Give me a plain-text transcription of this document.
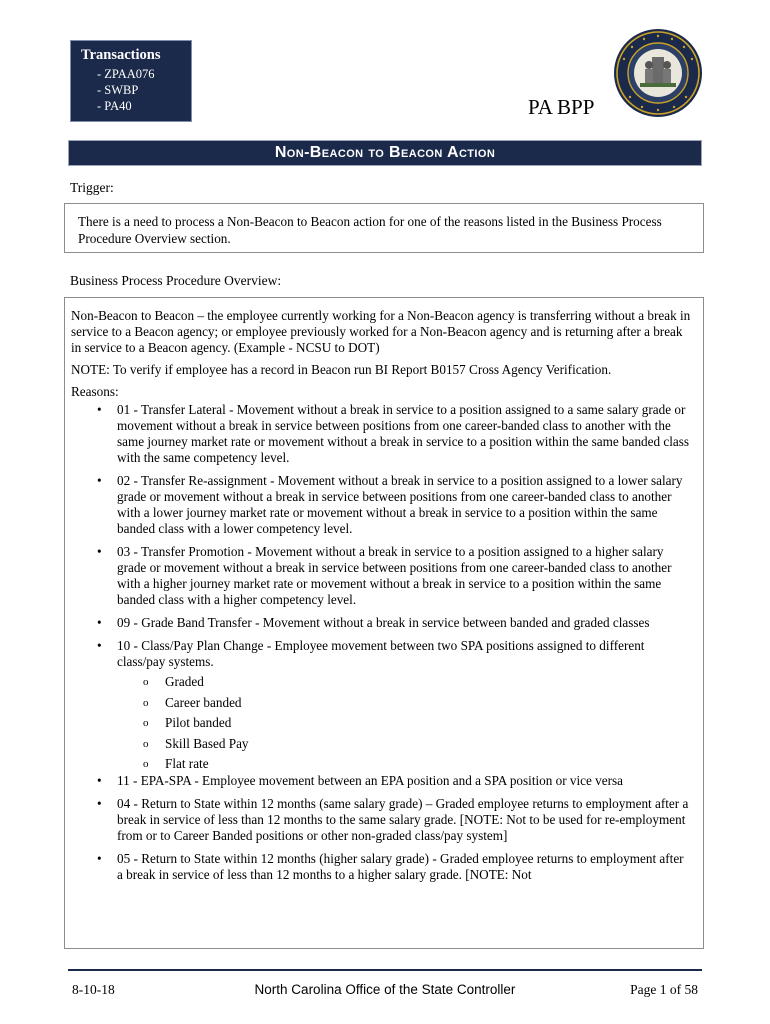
Transactions
- ZPAA076
- SWBP
- PA40	PA BPP
Non-Beacon to Beacon Action
Trigger:

There is a need to process a Non-Beacon to Beacon action for one of the reasons listed in the Business Process Procedure Overview section.

Business Process Procedure Overview:

Non-Beacon to Beacon – the employee currently working for a Non-Beacon agency is transferring without a break in service to a Beacon agency; or employee previously worked for a Non-Beacon agency and is returning after a break in service to a Beacon agency. (Example - NCSU to DOT)

NOTE: To verify if employee has a record in Beacon run BI Report B0157 Cross Agency Verification.

Reasons:

• 01 - Transfer Lateral - Movement without a break in service to a position assigned to a same salary grade or movement without a break in service between positions from one career-banded class to another with the same journey market rate or movement without a break in service to a position within the same banded class with the same competency level.
• 02 - Transfer Re-assignment - Movement without a break in service to a position assigned to a lower salary grade or movement without a break in service between positions from one career-banded class to another with a lower journey market rate or movement without a break in service to a position within the same banded class with a lower competency level.
• 03 - Transfer Promotion - Movement without a break in service to a position assigned to a higher salary grade or movement without a break in service between positions from one career-banded class to another with a higher journey market rate or movement without a break in service to a position within the same banded class with a higher competency level.
• 09 - Grade Band Transfer - Movement without a break in service between banded and graded classes
• 10 - Class/Pay Plan Change - Employee movement between two SPA positions assigned to different class/pay systems.
o Graded
o Career banded
o Pilot banded
o Skill Based Pay
o Flat rate
• 11 - EPA-SPA - Employee movement between an EPA position and a SPA position or vice versa
• 04 - Return to State within 12 months (same salary grade) – Graded employee returns to employment after a break in service of less than 12 months to the same salary grade. [NOTE: Not to be used for re-employment from or to Career Banded positions or other non-graded class/pay system]
• 05 - Return to State within 12 months (higher salary grade) - Graded employee returns to employment after a break in service of less than 12 months to a higher salary grade. [NOTE: Not
8-10-18	North Carolina Office of the State Controller	Page 1 of 58
